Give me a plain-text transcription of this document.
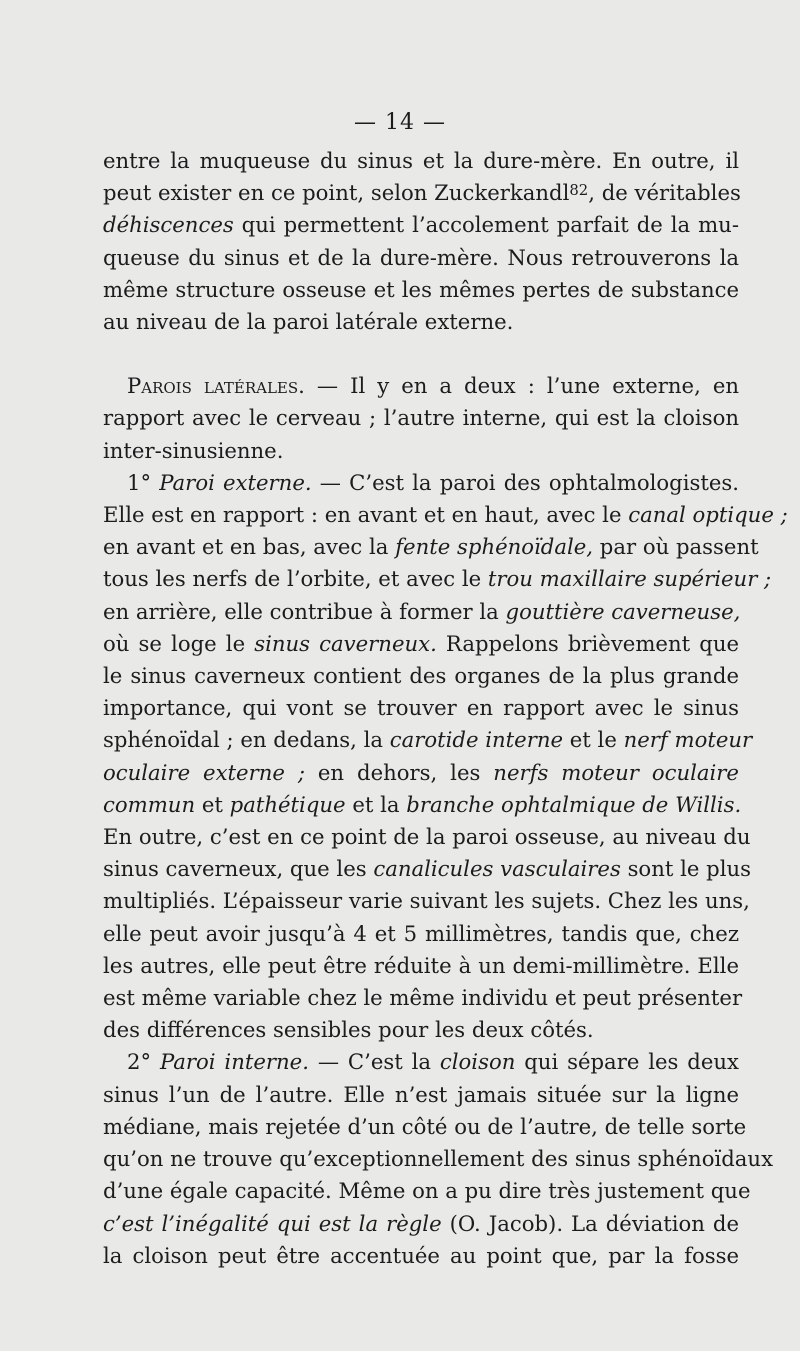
— 14 —
entre la muqueuse du sinus et la dure-mère. En outre, il
peut exister en ce point, selon Zuckerkandl$^{82}$, de véritables
déhiscences qui permettent l’accolement parfait de la mu-
queuse du sinus et de la dure-mère. Nous retrouverons la
même structure osseuse et les mêmes pertes de substance
au niveau de la paroi latérale externe.
Parois latérales. — Il y en a deux : l’une externe, en
rapport avec le cerveau ; l’autre interne, qui est la cloison
inter-sinusienne.
1° Paroi externe. — C’est la paroi des ophtalmologistes.
Elle est en rapport : en avant et en haut, avec le canal optique ;
en avant et en bas, avec la fente sphénoïdale, par où passent
tous les nerfs de l’orbite, et avec le trou maxillaire supérieur ;
en arrière, elle contribue à former la gouttière caverneuse,
où se loge le sinus caverneux. Rappelons brièvement que
le sinus caverneux contient des organes de la plus grande
importance, qui vont se trouver en rapport avec le sinus
sphénoïdal ; en dedans, la carotide interne et le nerf moteur
oculaire externe ; en dehors, les nerfs moteur oculaire
commun et pathétique et la branche ophtalmique de Willis.
En outre, c’est en ce point de la paroi osseuse, au niveau du
sinus caverneux, que les canalicules vasculaires sont le plus
multipliés. L’épaisseur varie suivant les sujets. Chez les uns,
elle peut avoir jusqu’à 4 et 5 millimètres, tandis que, chez
les autres, elle peut être réduite à un demi-millimètre. Elle
est même variable chez le même individu et peut présenter
des différences sensibles pour les deux côtés.
2° Paroi interne. — C’est la cloison qui sépare les deux
sinus l’un de l’autre. Elle n’est jamais située sur la ligne
médiane, mais rejetée d’un côté ou de l’autre, de telle sorte
qu’on ne trouve qu’exceptionnellement des sinus sphénoïdaux
d’une égale capacité. Même on a pu dire très justement que
c’est l’inégalité qui est la règle (O. Jacob). La déviation de
la cloison peut être accentuée au point que, par la fosse
